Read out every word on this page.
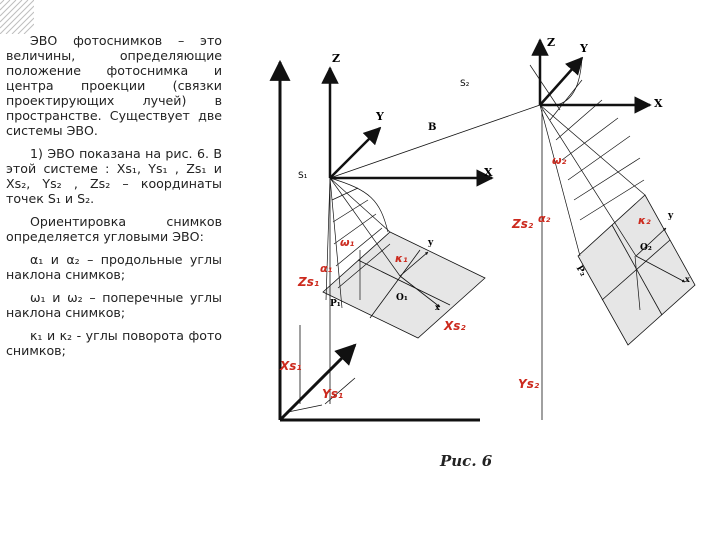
ЭВО фотоснимков – это величины, определяющие положение фотоснимка и центра проекции (связки проектирующих лучей) в пространстве. Существует две системы ЭВО.

1) ЭВО показана на рис. 6. В этой системе : Xs₁, Ys₁ , Zs₁ и Xs₂, Ys₂ , Zs₂ – координаты точек S₁ и S₂.

Ориентировка снимков определяется угловыми ЭВО:

α₁ и α₂ – продольные углы наклона снимков;

ω₁ и ω₂ – поперечные углы наклона снимков;

κ₁ и κ₂ - углы поворота фото снимков;

Z
Z Y
X
Y
X
S₁
S₂
B
ω₁
α₁
κ₁
Zs₁
P₁
O₁
y
x
Xs₁
Ys₁
ω₂
α₂	κ₂
Zs₂
P₂
O₂
y
x
Xs₂
Ys₂
Рис. 6
